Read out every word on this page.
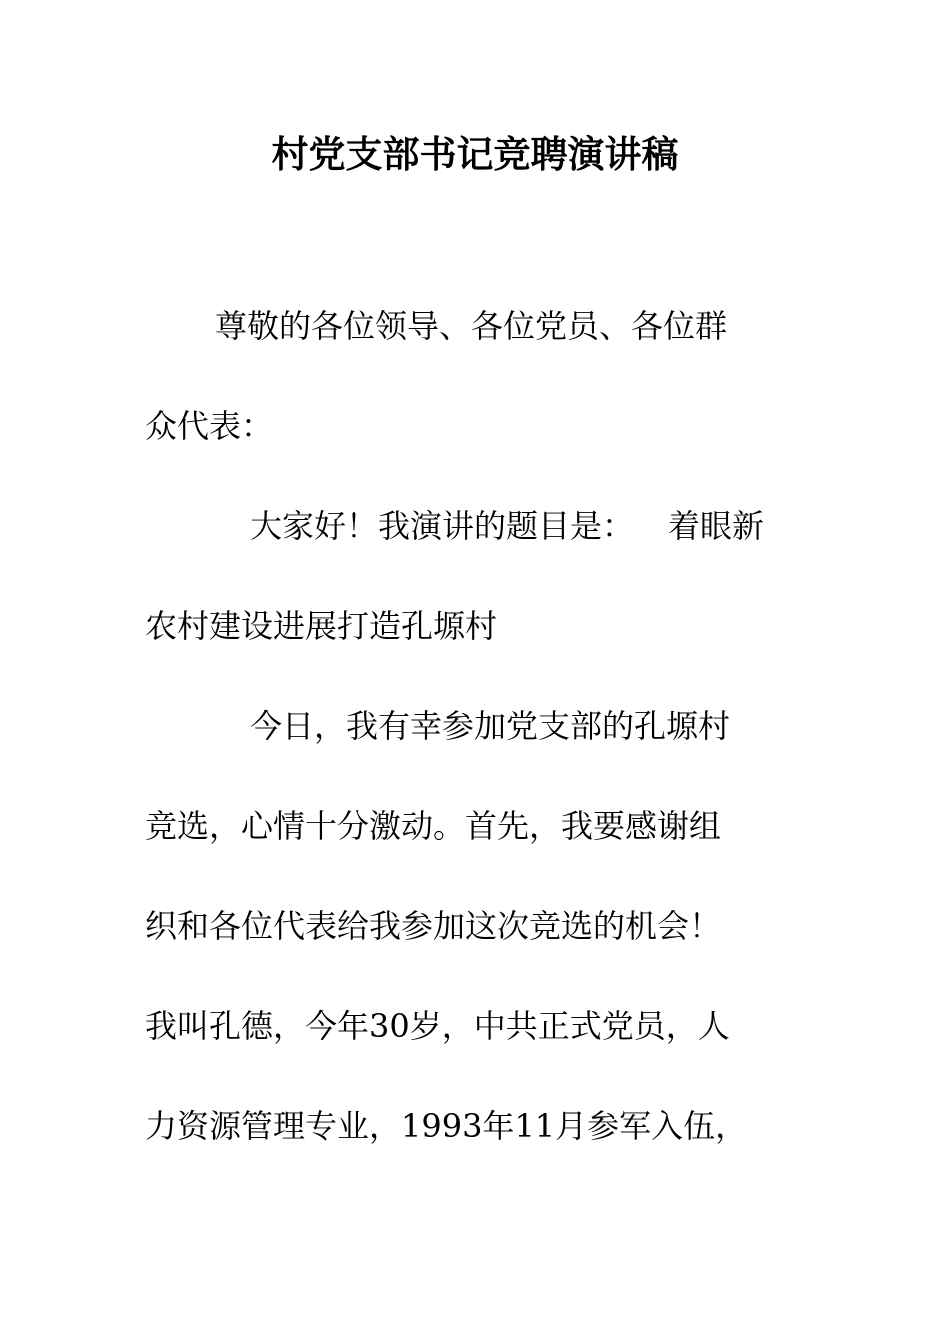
村党支部书记竞聘演讲稿
尊敬的各位领导、各位党员、各位群
众代表：
大家好！我演讲的题目是： 着眼新
农村建设进展打造孔塬村
今日，我有幸参加党支部的孔塬村
竞选，心情十分激动。首先，我要感谢组
织和各位代表给我参加这次竞选的机会！
我叫孔德，今年30岁，中共正式党员，人
力资源管理专业，1993年11月参军入伍，
